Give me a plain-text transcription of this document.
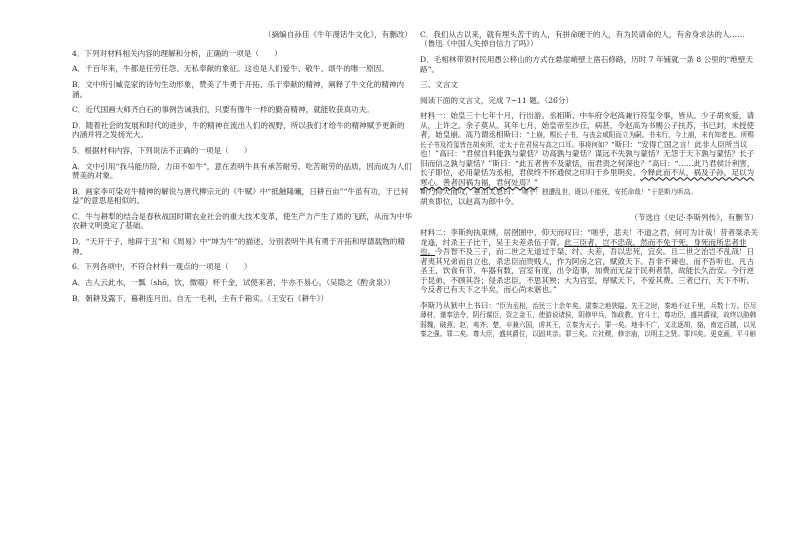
（摘编自孙佳《牛年漫话牛文化》，有删改）

4．下列对材料相关内容的理解和分析，正确的一项是（　　）

A．千百年来，牛都是任劳任怨、无私奉献的象征。这也是人们爱牛、敬牛、颂牛的唯一原因。

B．文中所引臧克家的诗句生动形象，赞美了牛勇于开拓、乐于奉献的精神，阐释了牛文化的精神内涵。

C．近代国画大师齐白石的事例告诫我们，只要有像牛一样的勤奋精神，就能收获真功夫。

D．随着社会的发展和时代的进步，牛的精神在流出人们的视野，所以我们才给牛的精神赋予更新的内涵并将之发扬光大。

5．根据材料内容，下列说法不正确的一项是（　　）

A．文中引用“我马能历险，力田不如牛”，意在表明牛具有承苦耐劳、吃苦耐劳的品质，因而成为人们赞美的对象。

B．画家李可染对牛精神的解说与唐代柳宗元的《牛赋》中“抵触隆曦，日耕百亩”“牛虽有功，于已何益”的意思是相似的。

C．牛与耕犁的结合是春秋战国时期农业社会的重大技术变革，使生产力产生了质的飞跃，从而为中华农耕文明奠定了基础。

D．“天开于子，地辟于丑”和《周易》中“坤为牛”的描述，分别表明牛具有勇于开拓和厚德载物的精神。

6．下列各项中，不符合材料一观点的一项是（　　）

A．古人云此水，一瓢（shō，饮，微啜）杯千金，试使来者，牛亦不易心。（吴隐之《酌贪泉》）

B．朝耕及露下，暮耕连月出。自无一毛利，主有千箱实。（王安石《耕牛》）

C．我们从古以来，就有埋头苦干的人，有拼命硬干的人，有为民请命的人，有舍身求法的人……（鲁迅《中国人失掉自信力了吗》）

D．毛相林带领村民用愚公移山的方式在悬崖峭壁上凿石修路，历时 7 年铺就一条 8 公里的“绝壁天路”。

三、文言文

阅读下面的文言文，完成 7~11 题。（26分）

材料一：始皇三十七年十月，行出游。丞相斯、中车府令赵高兼行符玺令事，皆从。少子胡亥爱，请从，上许之。余子莫从。其年七月，始皇帝至沙丘，病甚，令赵高为书赐公子扶苏，书已封，未授使者，始皇崩。高乃谓丞相斯曰：“上崩，赐长子书，与丧会咸阳而立为嗣。书未行，今上崩，未有知者也。所赐长子书及符玺皆在胡亥所，定太子在君侯与高之口耳。事将何如？”斯曰：“安得亡国之言！此非人臣所当议也！”高曰：“君侯自料能孰与蒙恬？功高孰与蒙恬？谋远不失孰与蒙恬？无怨于天下孰与蒙恬？长子旧而信之孰与蒙恬？”斯曰：“此五者皆不及蒙恬，而君责之何深也？”高曰：“……此乃君侯计利害，长子即位，必用蒙恬为丞相，君侯终不怀通侯之印归于乡里明矣。今释此而不从，祸及子孙，足以为寒心。善者因祸为福，君何处焉？”
斯乃仰天而叹，垂泪太息曰：“嗟乎！独遭乱世，既以不能死，安托命哉！”于是斯乃听高。
胡亥即位，以赵高为郎中令。

（节选自《史记·李斯列传》，有删节）

材料二：李斯拘执束缚，居囹圄中，仰天而叹曰：“嗟乎，悲夫！不道之君，何可为计哉！昔者桀杀关龙逢，纣杀王子比干，吴王夫差杀伍子胥。此三臣者，岂不忠哉，然而不免于死，身死而所忠者非也。今吾智不及三子，而二世之无道过于桀、纣、夫差，吾以忠死，宜矣。且二世之治岂不乱哉！日者夷其兄弟而自立也，杀忠臣而贵贱人，作为阿房之宫，赋敛天下。吾非不谏也，而不吾听也。凡古圣王，饮食有节，车器有数，宫室有度，出令造事，加费而无益于民利者禁，故能长久治安。今行逆于昆弟，不顾其咎；侵杀忠臣，不思其殃；大为宫室，厚赋天下，不爱其费。三者已行，天下不听。今反者已有天下之半矣，而心尚未寤也。”

李斯乃从狱中上书曰：“臣为丞相，治民三十余年矣。逮秦之地狭隘。先王之时，秦地不过千里，兵数十万。臣尽薄材，谨奉法令，阴行谋臣，资之金玉，使游说诸侯，阴修甲兵，饰政教，官斗士，尊功臣，盛其爵禄，故终以胁韩弱魏，破燕、赵，夷齐、楚，卒兼六国，虏其王，立秦为天子。罪一矣。地非不广，又北逐胡、貉，南定百越，以见秦之强。罪二矣。尊大臣，盛其爵位，以固其亲。罪三矣。立社稷，修宗庙，以明主之贤。罪四矣。更克画，平斗斛
